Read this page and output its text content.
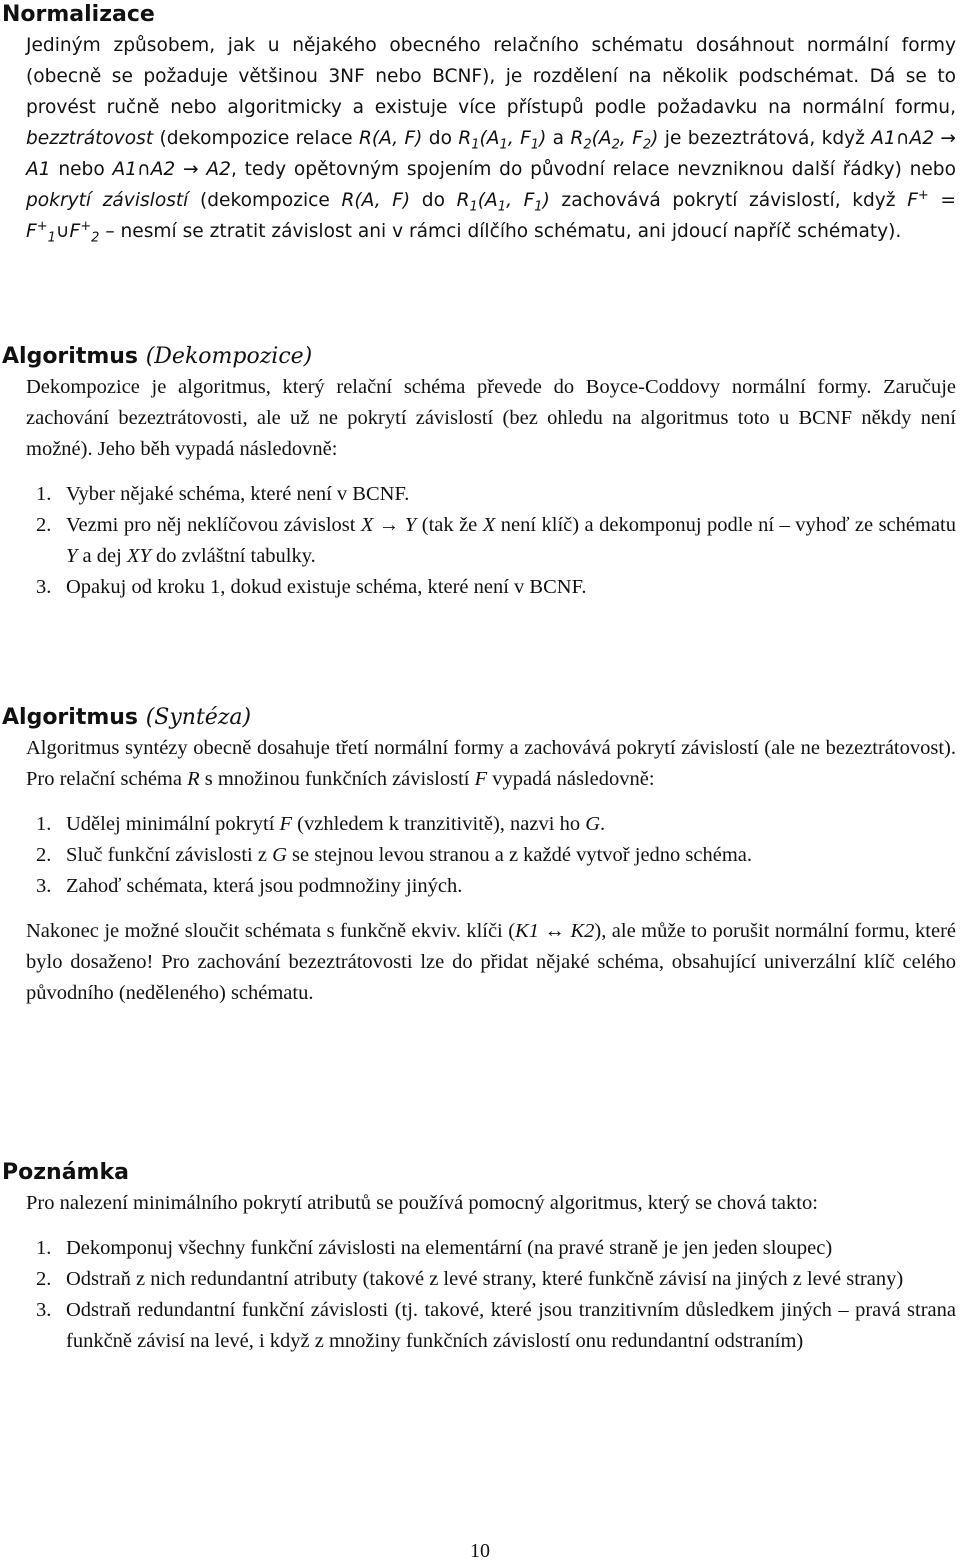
Normalizace

Jediným způsobem, jak u nějakého obecného relačního schématu dosáhnout normální formy (obecně se požaduje většinou 3NF nebo BCNF), je rozdělení na několik podschémat. Dá se to provést ručně nebo algoritmicky a existuje více přístupů podle požadavku na normální formu, bezztrátovost (dekompozice relace R(A, F) do $R_1(A_1$, $F_1$) a $R_2(A_2$, $F_2$) je bezeztrátová, když A1∩A2 → A1 nebo A1∩A2 → A2, tedy opětovným spojením do původní relace nevzniknou další řádky) nebo pokrytí závislostí (dekompozice R(A, F) do $R_1(A_1$, $F_1$) zachovává pokrytí závislostí, když $F^+ = F^+_1\cup F^+_2$ – nesmí se ztratit závislost ani v rámci dílčího schématu, ani jdoucí napříč schématy).

Algoritmus (Dekompozice)

Dekompozice je algoritmus, který relační schéma převede do Boyce-Coddovy normální formy. Zaručuje zachování bezeztrátovosti, ale už ne pokrytí závislostí (bez ohledu na algoritmus toto u BCNF někdy není možné). Jeho běh vypadá následovně:

1. Vyber nějaké schéma, které není v BCNF.
2. Vezmi pro něj neklíčovou závislost X → Y (tak že X není klíč) a dekomponuj podle ní – vyhoď ze schématu Y a dej XY do zvláštní tabulky.
3. Opakuj od kroku 1, dokud existuje schéma, které není v BCNF.
Algoritmus (Syntéza)

Algoritmus syntézy obecně dosahuje třetí normální formy a zachovává pokrytí závislostí (ale ne bezeztrátovost). Pro relační schéma R s množinou funkčních závislostí F vypadá následovně:

1. Udělej minimální pokrytí F (vzhledem k tranzitivitě), nazvi ho G.
2. Sluč funkční závislosti z G se stejnou levou stranou a z každé vytvoř jedno schéma.
3. Zahoď schémata, která jsou podmnožiny jiných.

Nakonec je možné sloučit schémata s funkčně ekviv. klíči (K1 ↔ K2), ale může to porušit normální formu, které bylo dosaženo! Pro zachování bezeztrátovosti lze do přidat nějaké schéma, obsahující univerzální klíč celého původního (neděleného) schématu.

Poznámka

Pro nalezení minimálního pokrytí atributů se používá pomocný algoritmus, který se chová takto:

1. Dekomponuj všechny funkční závislosti na elementární (na pravé straně je jen jeden sloupec)
2. Odstraň z nich redundantní atributy (takové z levé strany, které funkčně závisí na jiných z levé strany)
3. Odstraň redundantní funkční závislosti (tj. takové, které jsou tranzitivním důsledkem jiných – pravá strana funkčně závisí na levé, i když z množiny funkčních závislostí onu redundantní odstraním)
10
